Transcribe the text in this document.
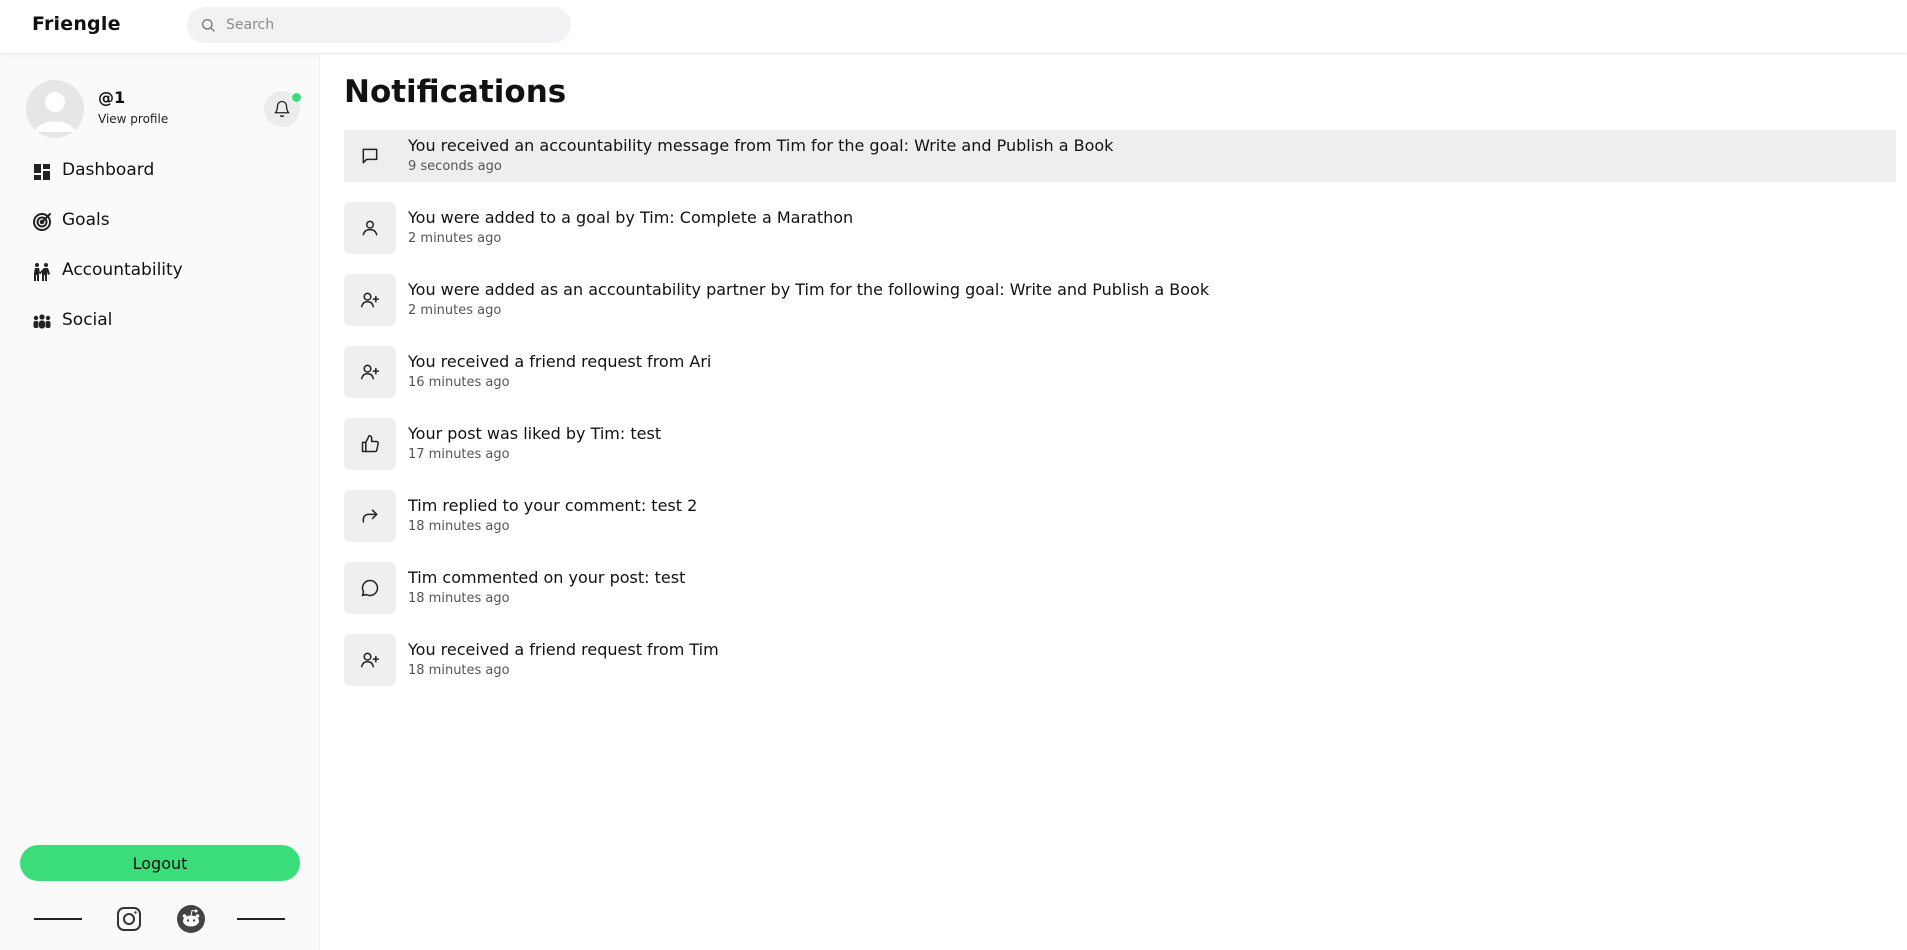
Friengle
Search
@1
View profile
Dashboard
Goals
Accountability
Social
Logout
Notifications
You received an accountability message from Tim for the goal: Write and Publish a Book
9 seconds ago
You were added to a goal by Tim: Complete a Marathon
2 minutes ago
You were added as an accountability partner by Tim for the following goal: Write and Publish a Book
2 minutes ago
You received a friend request from Ari
16 minutes ago
Your post was liked by Tim: test
17 minutes ago
Tim replied to your comment: test 2
18 minutes ago
Tim commented on your post: test
18 minutes ago
You received a friend request from Tim
18 minutes ago
